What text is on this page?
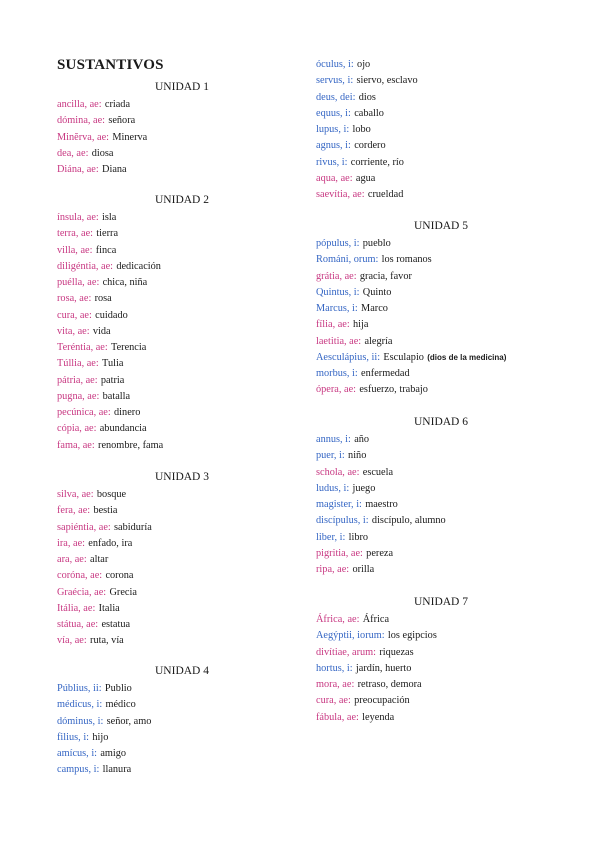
SUSTANTIVOS
UNIDAD 1
ancilla, ae: criada
dómina, ae: señora
Minĕrva, ae: Minerva
dea, ae: diosa
Diána, ae: Diana
UNIDAD 2
ínsula, ae: isla
terra, ae: tierra
villa, ae: finca
diligéntia, ae: dedicación
puélla, ae: chica, niña
rosa, ae: rosa
cura, ae: cuidado
vita, ae: vida
Teréntia, ae: Terencia
Túllia, ae: Tulia
pátria, ae: patria
pugna, ae: batalla
pecúnica, ae: dinero
cópia, ae: abundancia
fama, ae: renombre, fama
UNIDAD 3
silva, ae: bosque
fera, ae: bestia
sapiéntia, ae: sabiduría
ira, ae: enfado, ira
ara, ae: altar
coróna, ae: corona
Graécia, ae: Grecia
Itália, ae: Italia
státua, ae: estatua
vía, ae: ruta, vía
UNIDAD 4
Públius, ii: Publio
médicus, i: médico
dóminus, i: señor, amo
filius, i: hijo
amícus, i: amigo
campus, i: llanura
óculus, i: ojo
servus, i: siervo, esclavo
deus, dei: dios
equus, i: caballo
lupus, i: lobo
agnus, i: cordero
rivus, i: corriente, río
aqua, ae: agua
saevítia, ae: crueldad
UNIDAD 5
pópulus, i: pueblo
Románi, orum: los romanos
grátia, ae: gracia, favor
Quintus, i: Quinto
Marcus, i: Marco
fília, ae: hija
laetitia, ae: alegría
Aesculápius, ii: Esculapio (dios de la medicina)
morbus, i: enfermedad
ópera, ae: esfuerzo, trabajo
UNIDAD 6
annus, i: año
puer, i: niño
schola, ae: escuela
ludus, i: juego
magister, i: maestro
discípulus, i: discípulo, alumno
liber, i: libro
pigritia, ae: pereza
ripa, ae: orilla
UNIDAD 7
África, ae: África
Aegýptii, iorum: los egipcios
divítiae, arum: riquezas
hortus, i: jardín, huerto
mora, ae: retraso, demora
cura, ae: preocupación
fábula, ae: leyenda
